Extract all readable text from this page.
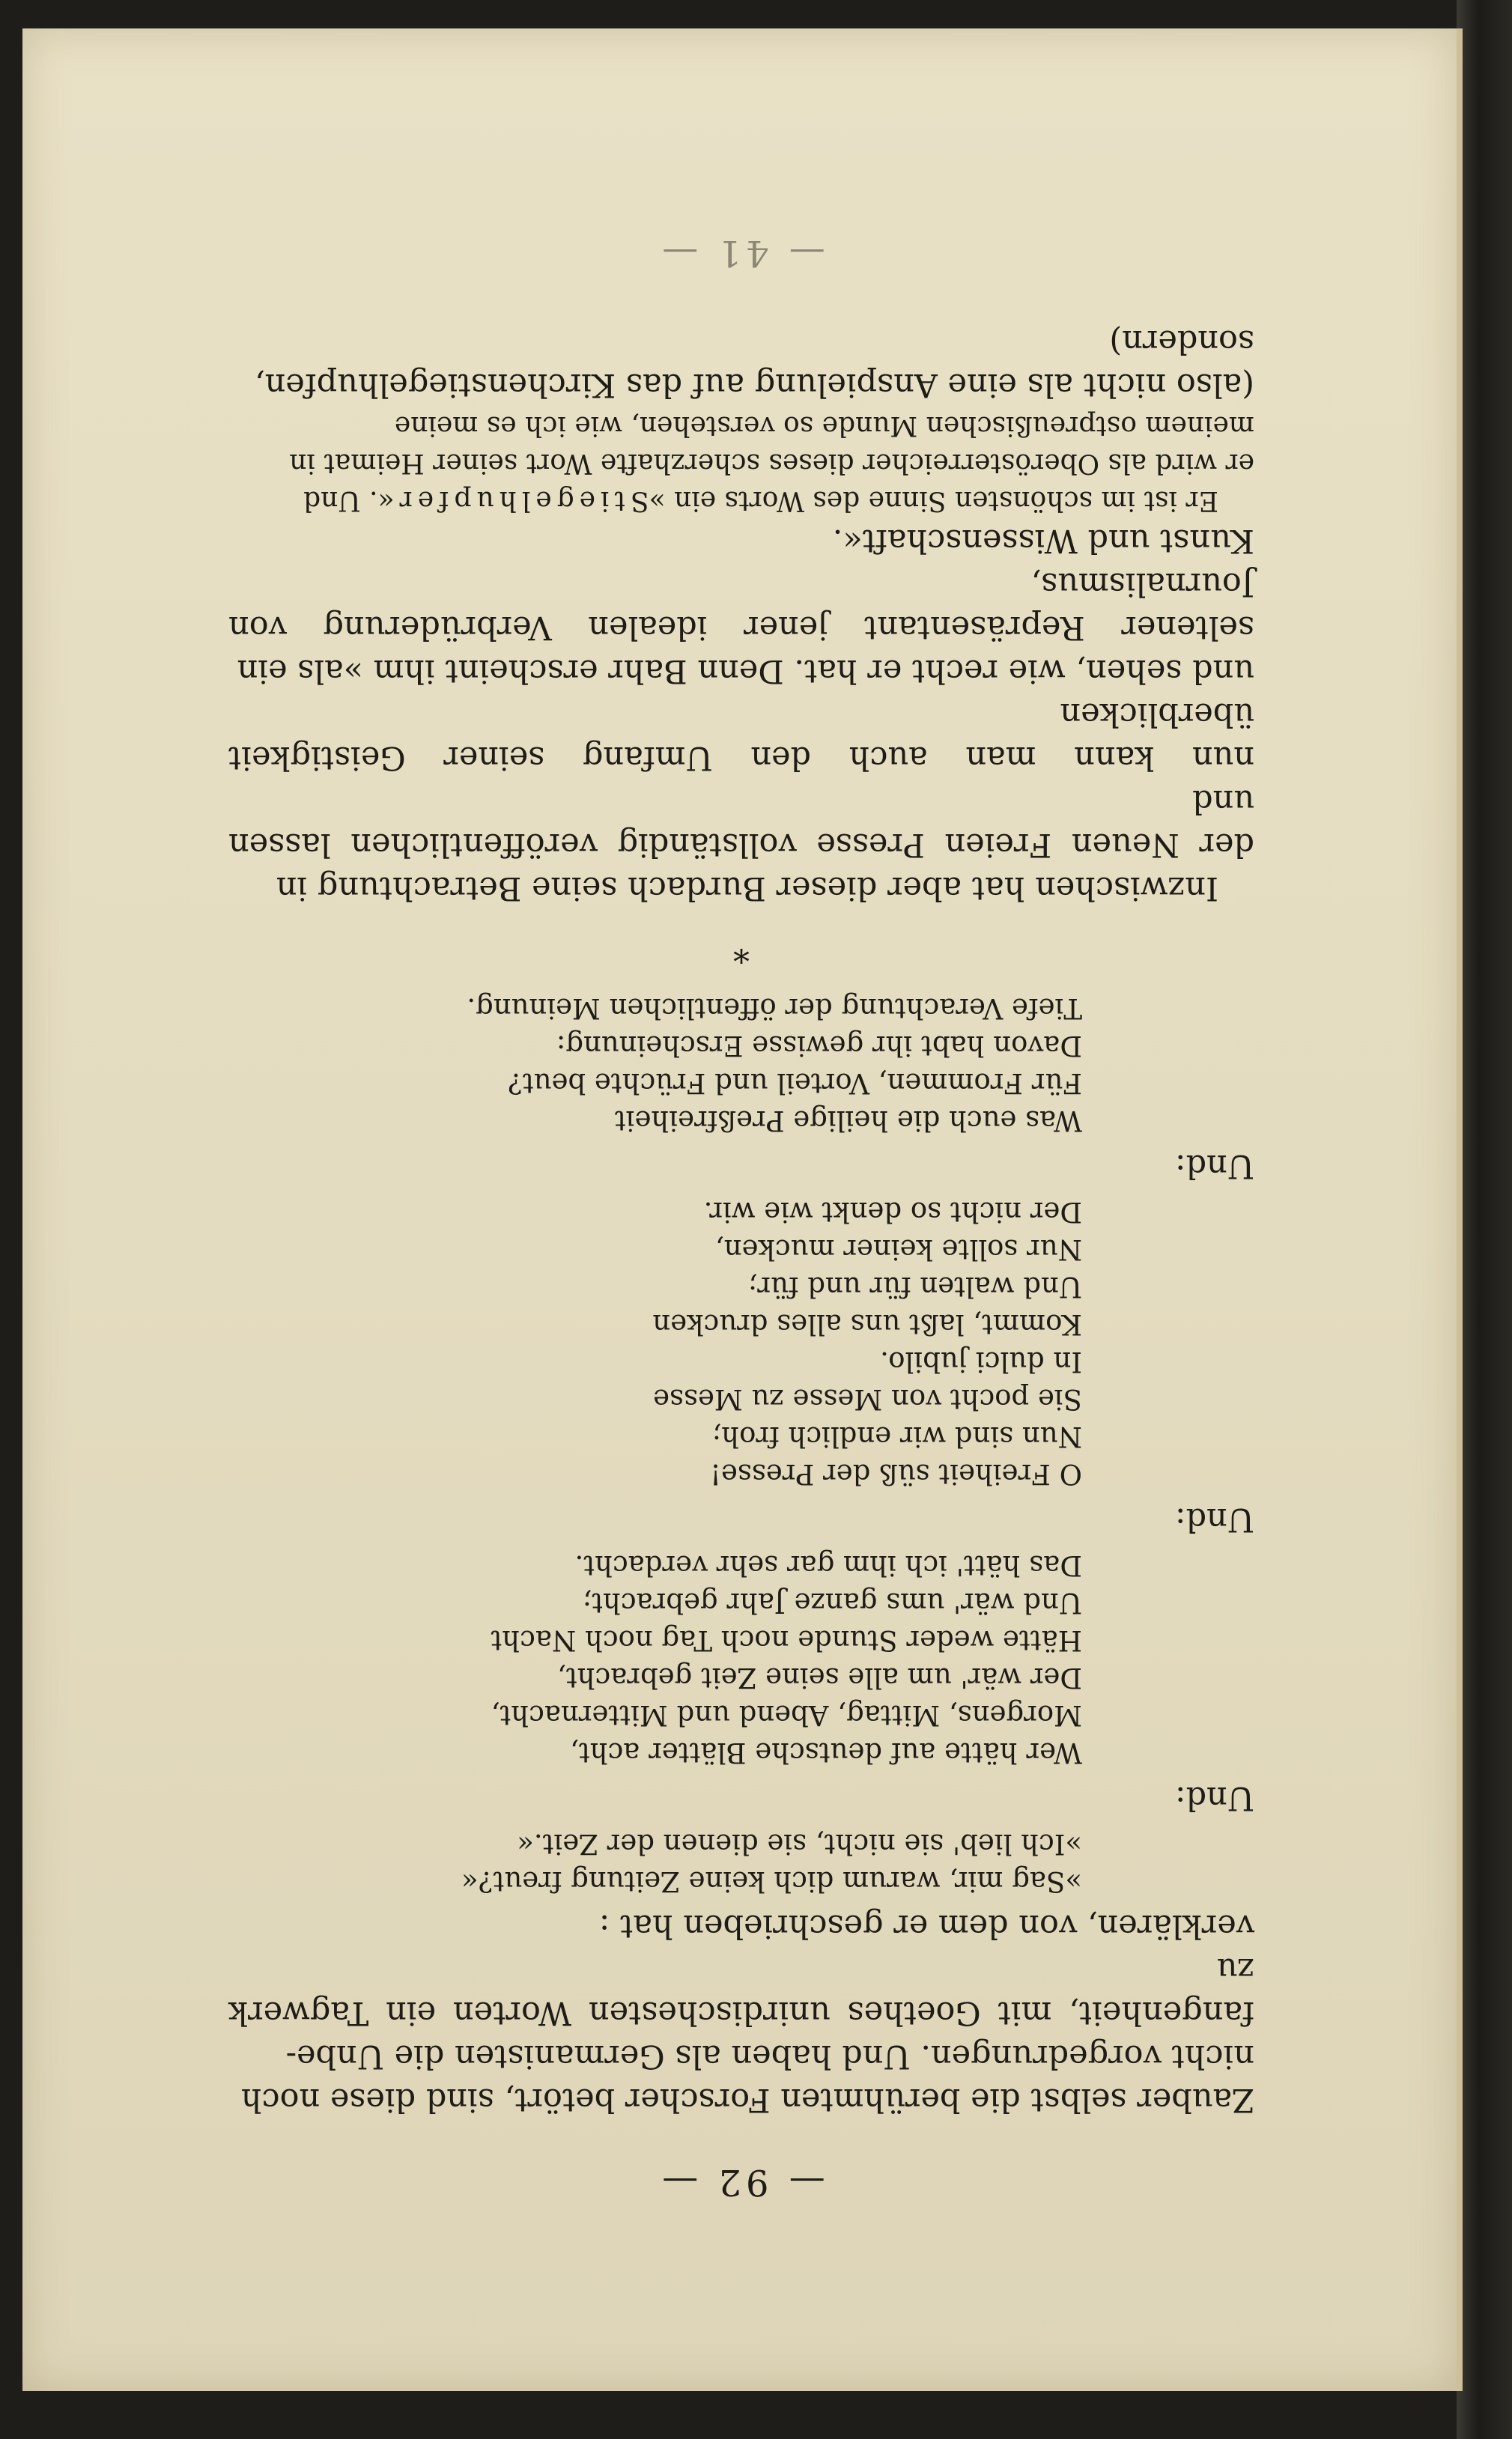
— 92 —

Zauber selbst die berühmten Forscher betört, sind diese noch

nicht vorgedrungen. Und haben als Germanisten die Unbe-

fangenheit, mit Goethes unirdischesten Worten ein Tagwerk zu

verklären, von dem er geschrieben hat :

»Sag mir, warum dich keine Zeitung freut?«
»Ich lieb' sie nicht, sie dienen der Zeit.«
Und:
Wer hätte auf deutsche Blätter acht,
Morgens, Mittag, Abend und Mitternacht,
Der wär' um alle seine Zeit gebracht,
Hätte weder Stunde noch Tag noch Nacht
Und wär' ums ganze Jahr gebracht;
Das hätt' ich ihm gar sehr verdacht.
Und:
O Freiheit süß der Presse!
Nun sind wir endlich froh;
Sie pocht von Messe zu Messe
In dulci jubilo.
Kommt, laßt uns alles drucken
Und walten für und für;
Nur sollte keiner mucken,
Der nicht so denkt wie wir.
Und:
Was euch die heilige Preßfreiheit
Für Frommen, Vorteil und Früchte beut?
Davon habt ihr gewisse Erscheinung:
Tiefe Verachtung der öffentlichen Meinung.
*

Inzwischen hat aber dieser Burdach seine Betrachtung in

der Neuen Freien Presse vollständig veröffentlichen lassen und

nun kann man auch den Umfang seiner Geistigkeit überblicken

und sehen, wie recht er hat. Denn Bahr erscheint ihm »als ein

seltener Repräsentant jener idealen Verbrüderung von Journalismus,

Kunst und Wissenschaft«.

Er ist im schönsten Sinne des Worts ein »Stiegelhupfer«. Und

er wird als Oberösterreicher dieses scherzhafte Wort seiner Heimat in

meinem ostpreußischen Munde so verstehen, wie ich es meine

(also nicht als eine Anspielung auf das Kirchenstiegelhupfen,

sondern)

— 41 —
